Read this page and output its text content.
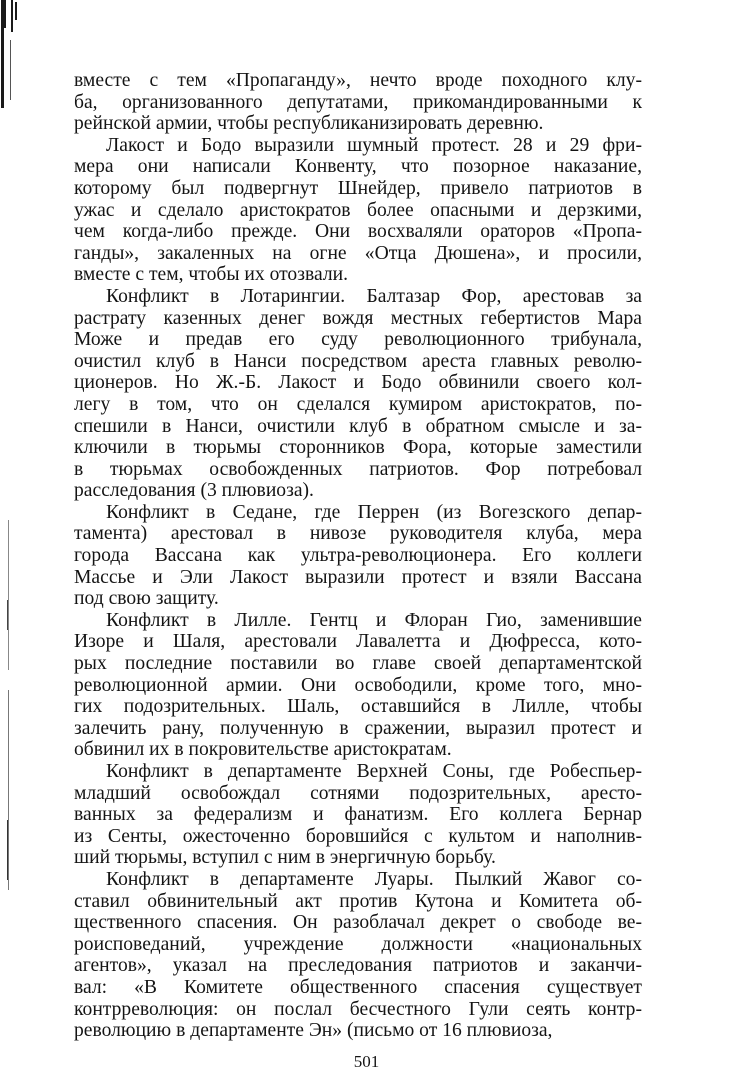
вместе с тем «Пропаганду», нечто вроде походного клу-
ба, организованного депутатами, прикомандированными к
рейнской армии, чтобы республиканизировать деревню.
Лакост и Бодо выразили шумный протест. 28 и 29 фри-
мера они написали Конвенту, что позорное наказание,
которому был подвергнут Шнейдер, привело патриотов в
ужас и сделало аристократов более опасными и дерзкими,
чем когда-либо прежде. Они восхваляли ораторов «Пропа-
ганды», закаленных на огне «Отца Дюшена», и просили,
вместе с тем, чтобы их отозвали.
Конфликт в Лотарингии. Балтазар Фор, арестовав за
растрату казенных денег вождя местных гебертистов Мара
Може и предав его суду революционного трибунала,
очистил клуб в Нанси посредством ареста главных револю-
ционеров. Но Ж.-Б. Лакост и Бодо обвинили своего кол-
легу в том, что он сделался кумиром аристократов, по-
спешили в Нанси, очистили клуб в обратном смысле и за-
ключили в тюрьмы сторонников Фора, которые заместили
в тюрьмах освобожденных патриотов. Фор потребовал
расследования (3 плювиоза).
Конфликт в Седане, где Перрен (из Вогезского депар-
тамента) арестовал в нивозе руководителя клуба, мера
города Вассана как ультра-революционера. Его коллеги
Массье и Эли Лакост выразили протест и взяли Вассана
под свою защиту.
Конфликт в Лилле. Гентц и Флоран Гио, заменившие
Изоре и Шаля, арестовали Лавалетта и Дюфресса, кото-
рых последние поставили во главе своей департаментской
революционной армии. Они освободили, кроме того, мно-
гих подозрительных. Шаль, оставшийся в Лилле, чтобы
залечить рану, полученную в сражении, выразил протест и
обвинил их в покровительстве аристократам.
Конфликт в департаменте Верхней Соны, где Робеспьер-
младший освобождал сотнями подозрительных, аресто-
ванных за федерализм и фанатизм. Его коллега Бернар
из Сенты, ожесточенно боровшийся с культом и наполнив-
ший тюрьмы, вступил с ним в энергичную борьбу.
Конфликт в департаменте Луары. Пылкий Жавог со-
ставил обвинительный акт против Кутона и Комитета об-
щественного спасения. Он разоблачал декрет о свободе ве-
роисповеданий, учреждение должности «национальных
агентов», указал на преследования патриотов и заканчи-
вал: «В Комитете общественного спасения существует
контрреволюция: он послал бесчестного Гули сеять контр-
революцию в департаменте Эн» (письмо от 16 плювиоза,
501
